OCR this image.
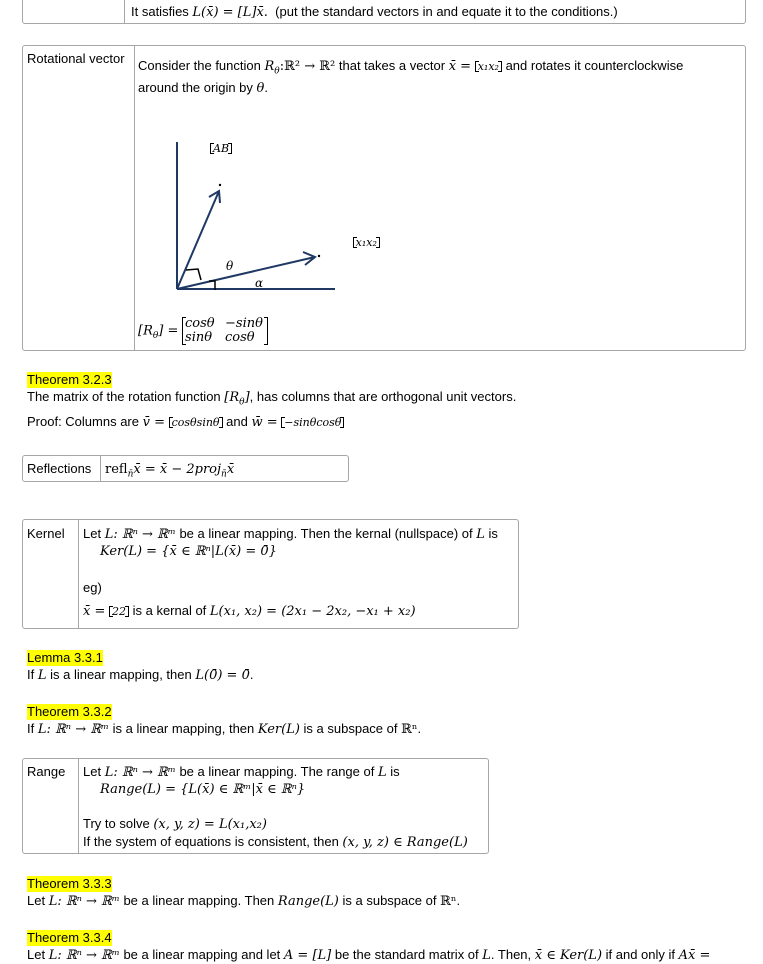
It satisfies L(x̄) = [L]x̄. (put the standard vectors in and equate it to the conditions.)
Rotational vector Consider the function $R_\theta:ℝ^2$ → ℝ² that takes a vector x̄ = x₁x₂ and rotates it counterclockwise
around the origin by θ.
θ
α
AB x₁x₂
$[R_\theta] = \cos\theta -\sin\theta$
sinθ cosθ
Theorem 3.2.3
The matrix of the rotation function $[R_\theta]$, has columns that are orthogonal unit vectors.
Proof: Columns are v̄ = cosθsinθ and w̄ = −sinθcosθ
Reflections refl$_{n̄}$x̄ = x̄ − 2proj$_{n̄}$x̄
Kernel Let L: ℝⁿ → ℝᵐ be a linear mapping. Then the kernal (nullspace) of L is
Ker(L) = {x̄ ∈ ℝⁿ|L(x̄) = 0̄}
eg)
x̄ = 22 is a kernal of L(x₁, x₂) = (2x₁ − 2x₂, −x₁ + x₂)
Lemma 3.3.1
If L is a linear mapping, then L(0̄) = 0̄.
Theorem 3.3.2
If L: ℝⁿ → ℝᵐ is a linear mapping, then Ker(L) is a subspace of ℝⁿ.
Range Let L: ℝⁿ → ℝᵐ be a linear mapping. The range of L is
Range(L) = {L(x̄) ∈ ℝᵐ|x̄ ∈ ℝⁿ}
Try to solve (x, y, z) = L(x₁,x₂)
If the system of equations is consistent, then (x, y, z) ∈ Range(L)
Theorem 3.3.3
Let L: ℝⁿ → ℝᵐ be a linear mapping. Then Range(L) is a subspace of ℝⁿ.
Theorem 3.3.4
Let L: ℝⁿ → ℝᵐ be a linear mapping and let A = [L] be the standard matrix of L. Then, x̄ ∈ Ker(L) if and only if Ax̄ =
